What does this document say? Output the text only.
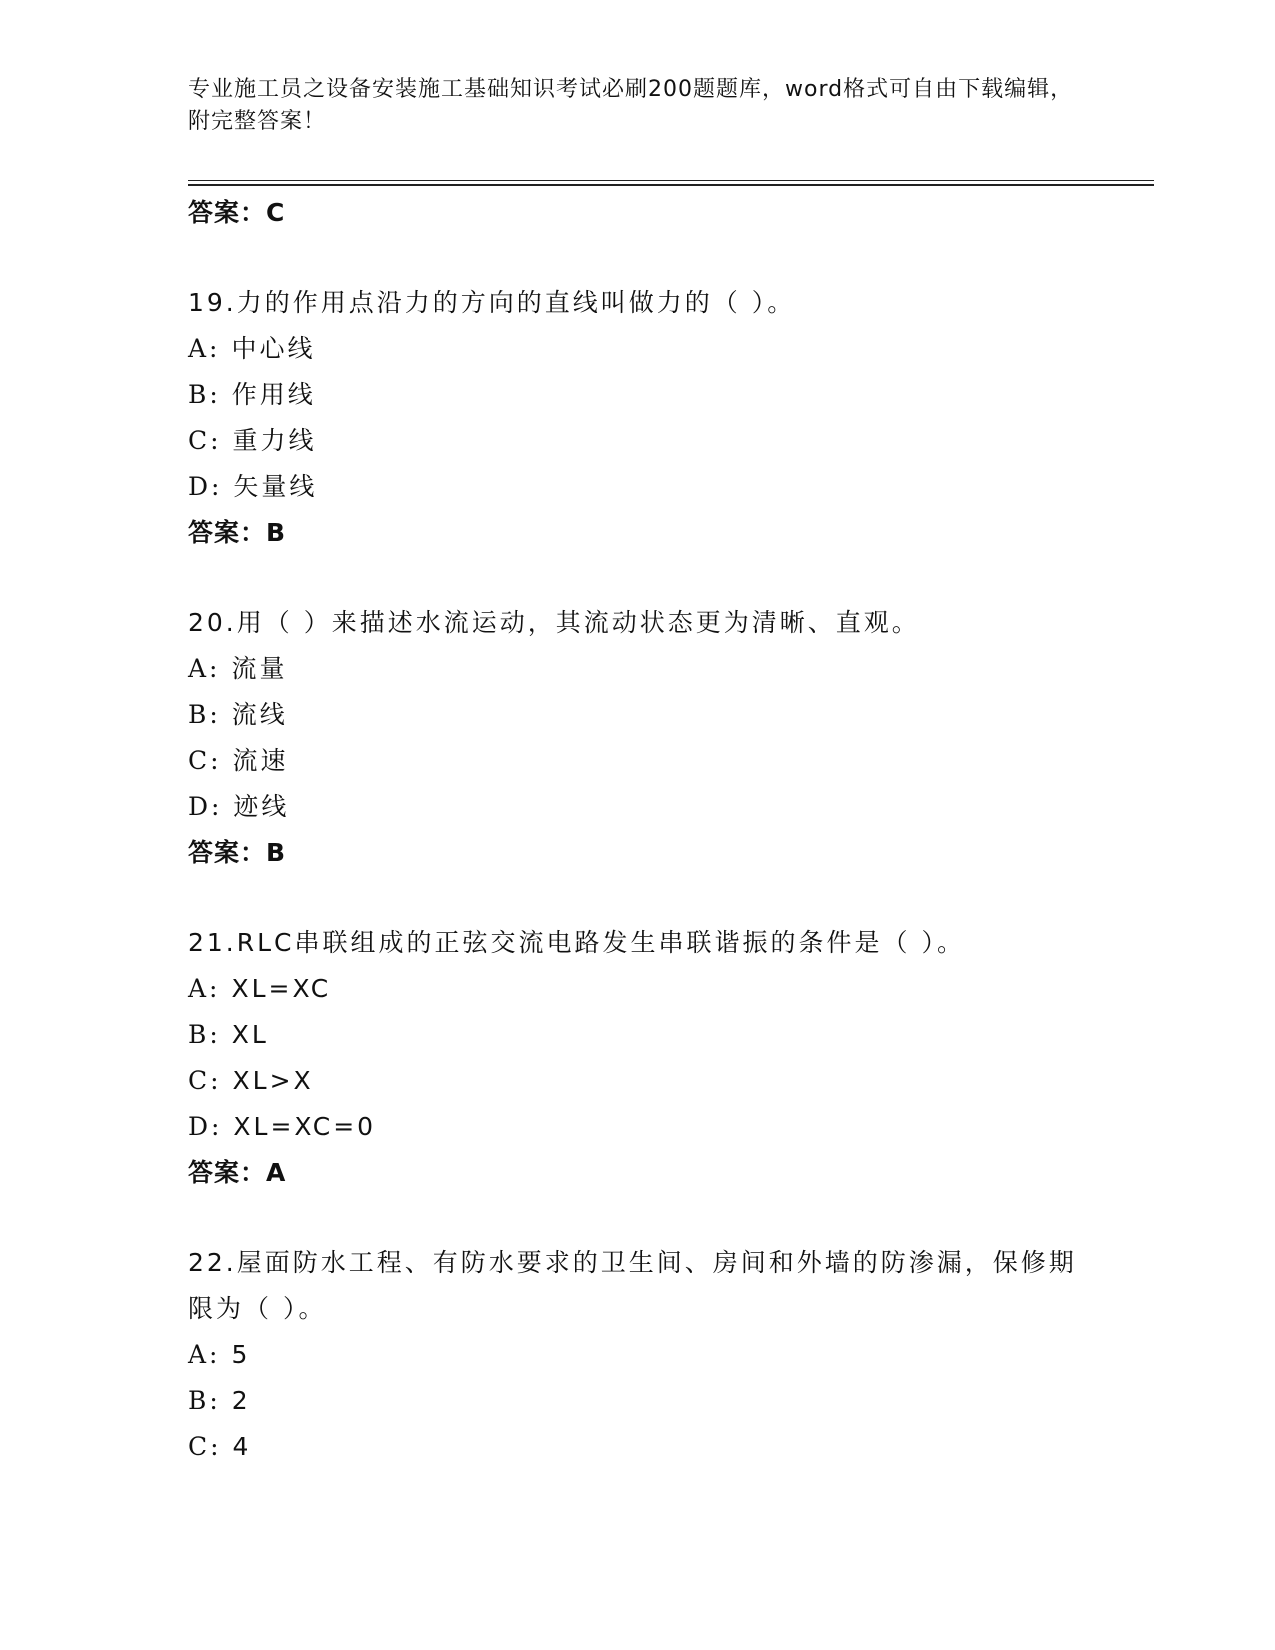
专业施工员之设备安装施工基础知识考试必刷200题题库，word格式可自由下载编辑，附完整答案！
答案：C
19.力的作用点沿力的方向的直线叫做力的（ ）。
A: 中心线
B: 作用线
C: 重力线
D: 矢量线
答案：B
20.用（ ）来描述水流运动，其流动状态更为清晰、直观。
A: 流量
B: 流线
C: 流速
D: 迹线
答案：B
21.RLC串联组成的正弦交流电路发生串联谐振的条件是（ ）。
A: XL=XC
B: XL
C: XL>X
D: XL=XC=0
答案：A
22.屋面防水工程、有防水要求的卫生间、房间和外墙的防渗漏，保修期限为（ ）。
A: 5
B: 2
C: 4
